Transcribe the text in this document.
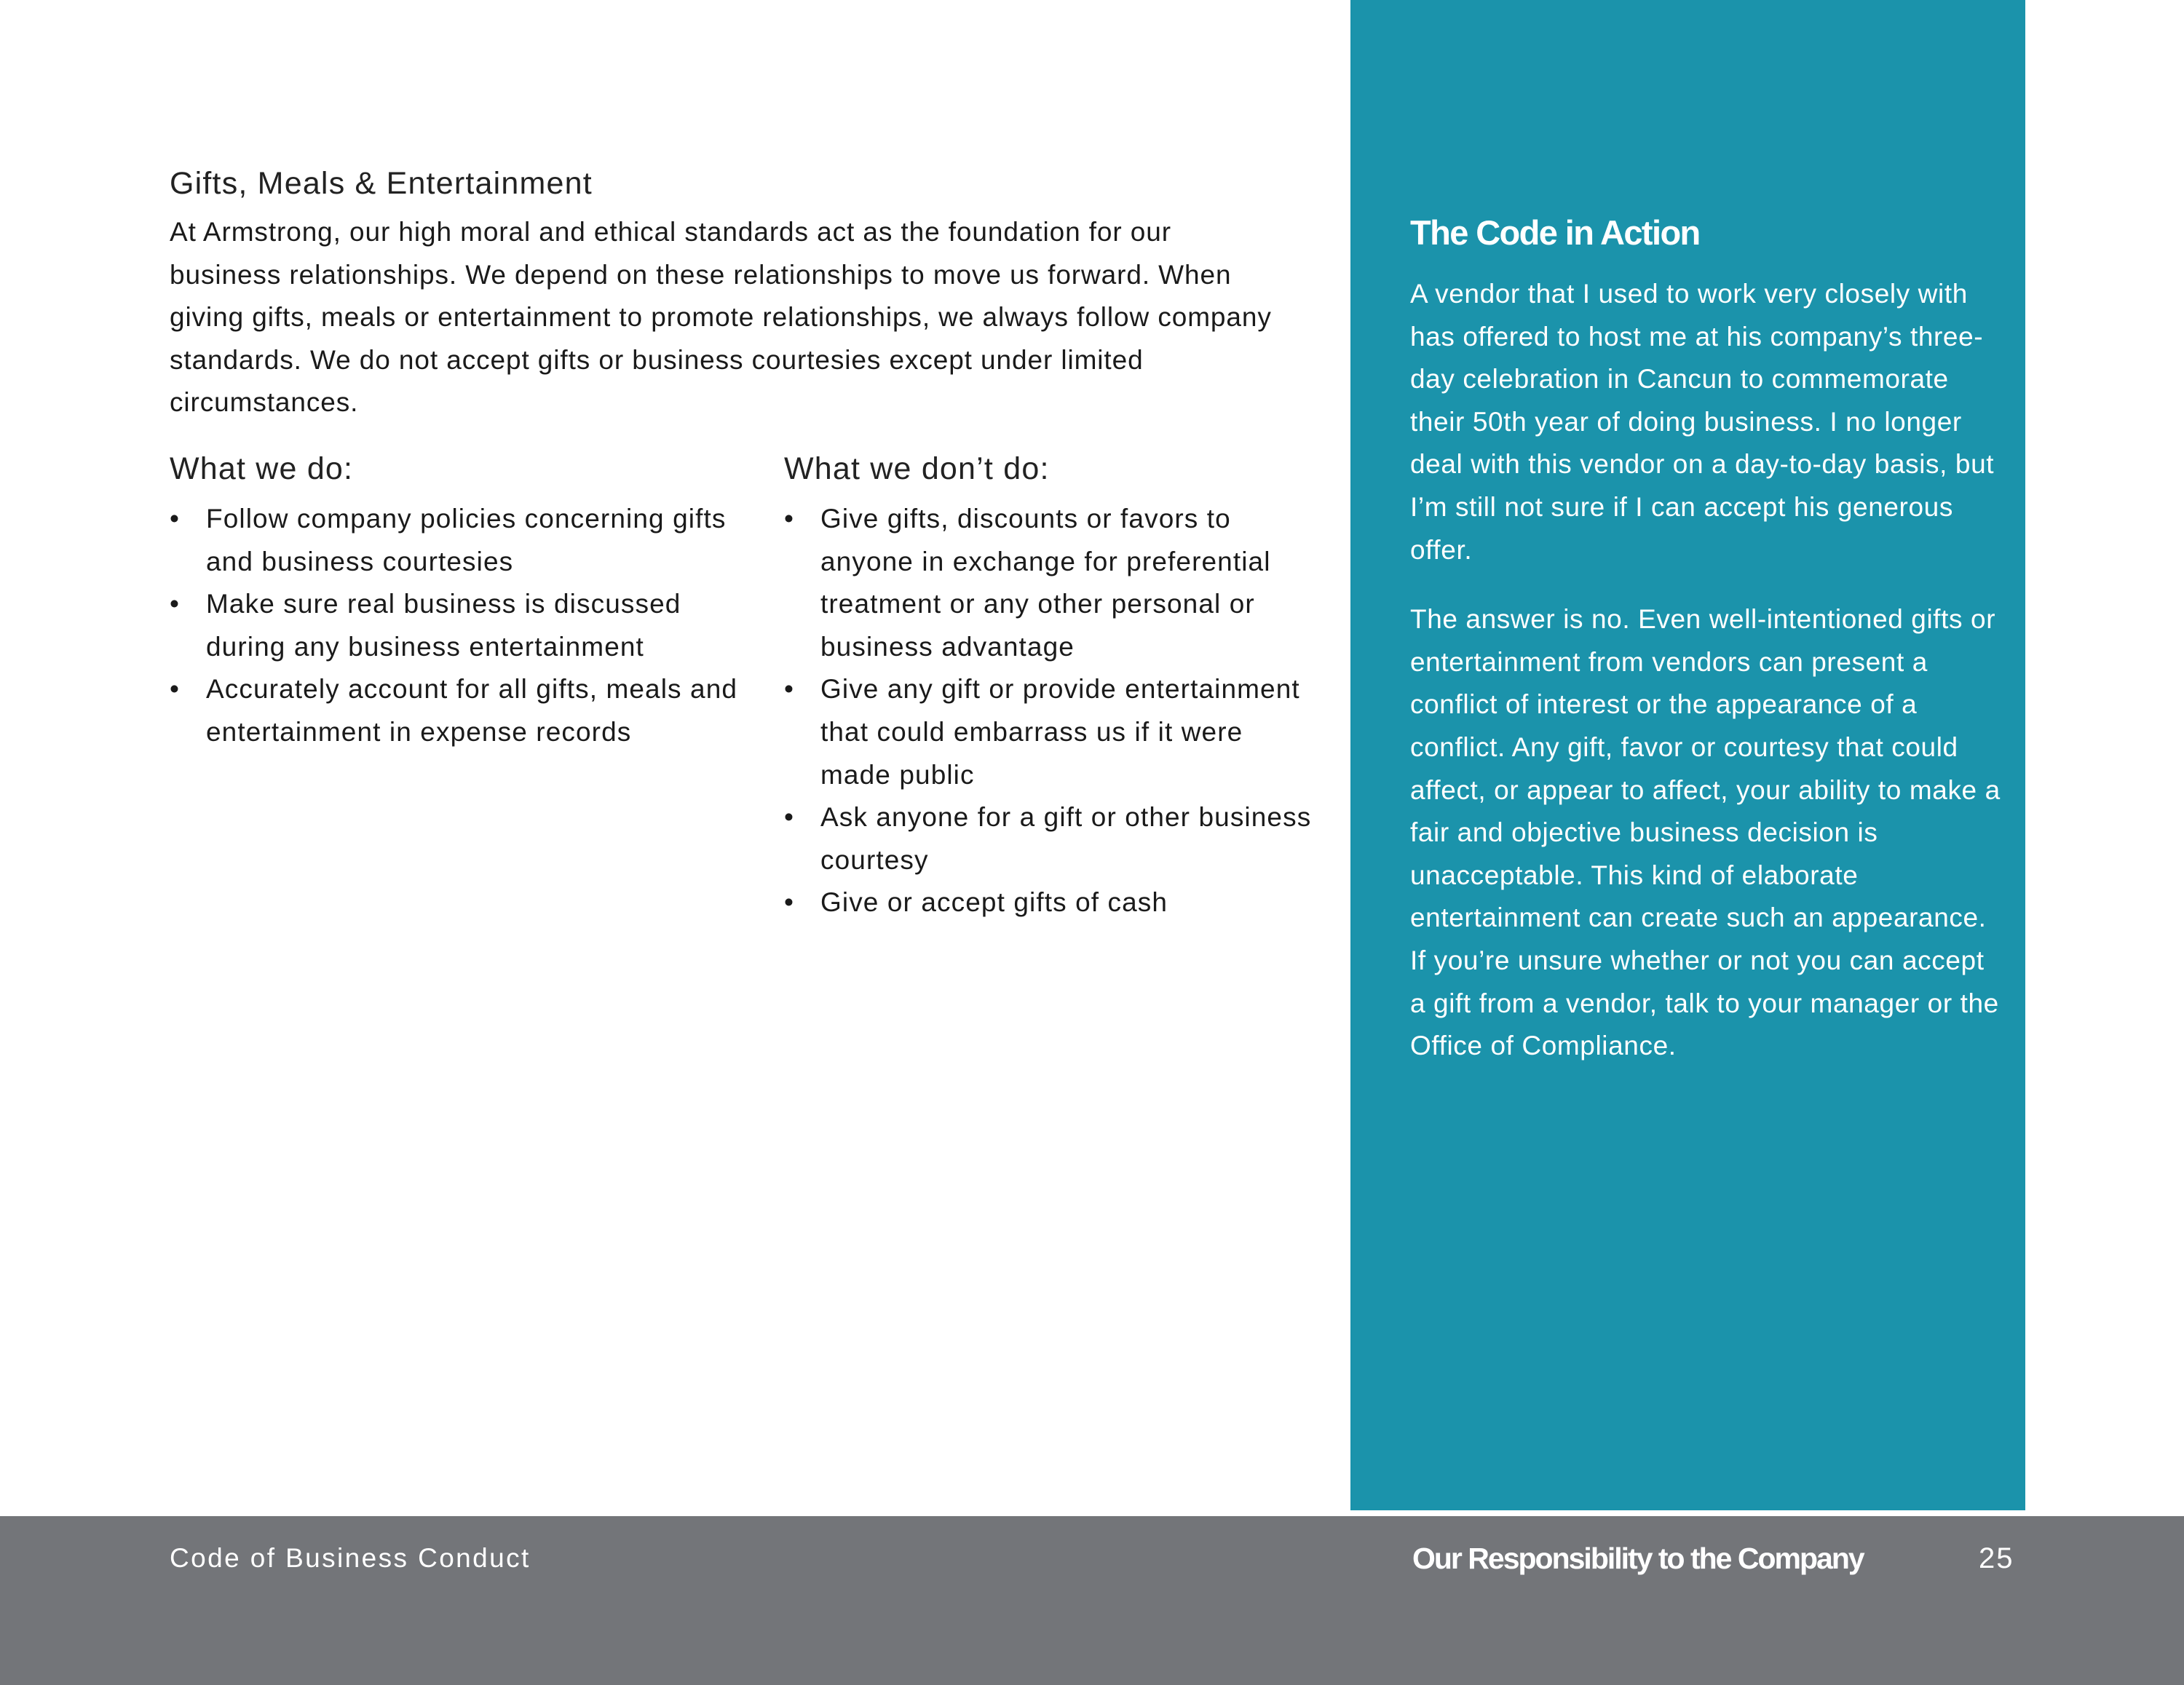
Gifts, Meals & Entertainment

At Armstrong, our high moral and ethical standards act as the foundation for our business relationships. We depend on these relationships to move us forward. When giving gifts, meals or entertainment to promote relationships, we always follow company standards. We do not accept gifts or business courtesies except under limited circumstances.

What we do:
• Follow company policies concerning gifts and business courtesies
• Make sure real business is discussed during any business entertainment
• Accurately account for all gifts, meals and entertainment in expense records
What we don’t do:
• Give gifts, discounts or favors to anyone in exchange for preferential treatment or any other personal or business advantage
• Give any gift or provide entertainment that could embarrass us if it were made public
• Ask anyone for a gift or other business courtesy
• Give or accept gifts of cash
The Code in Action

A vendor that I used to work very closely with has offered to host me at his company’s three-day celebration in Cancun to commemorate their 50th year of doing business. I no longer deal with this vendor on a day-to-day basis, but I’m still not sure if I can accept his generous offer.

The answer is no. Even well-intentioned gifts or entertainment from vendors can present a conflict of interest or the appearance of a conflict. Any gift, favor or courtesy that could affect, or appear to affect, your ability to make a fair and objective business decision is unacceptable. This kind of elaborate entertainment can create such an appearance. If you’re unsure whether or not you can accept a gift from a vendor, talk to your manager or the Office of Compliance.

Code of Business Conduct	Our Responsibility to the Company	25
